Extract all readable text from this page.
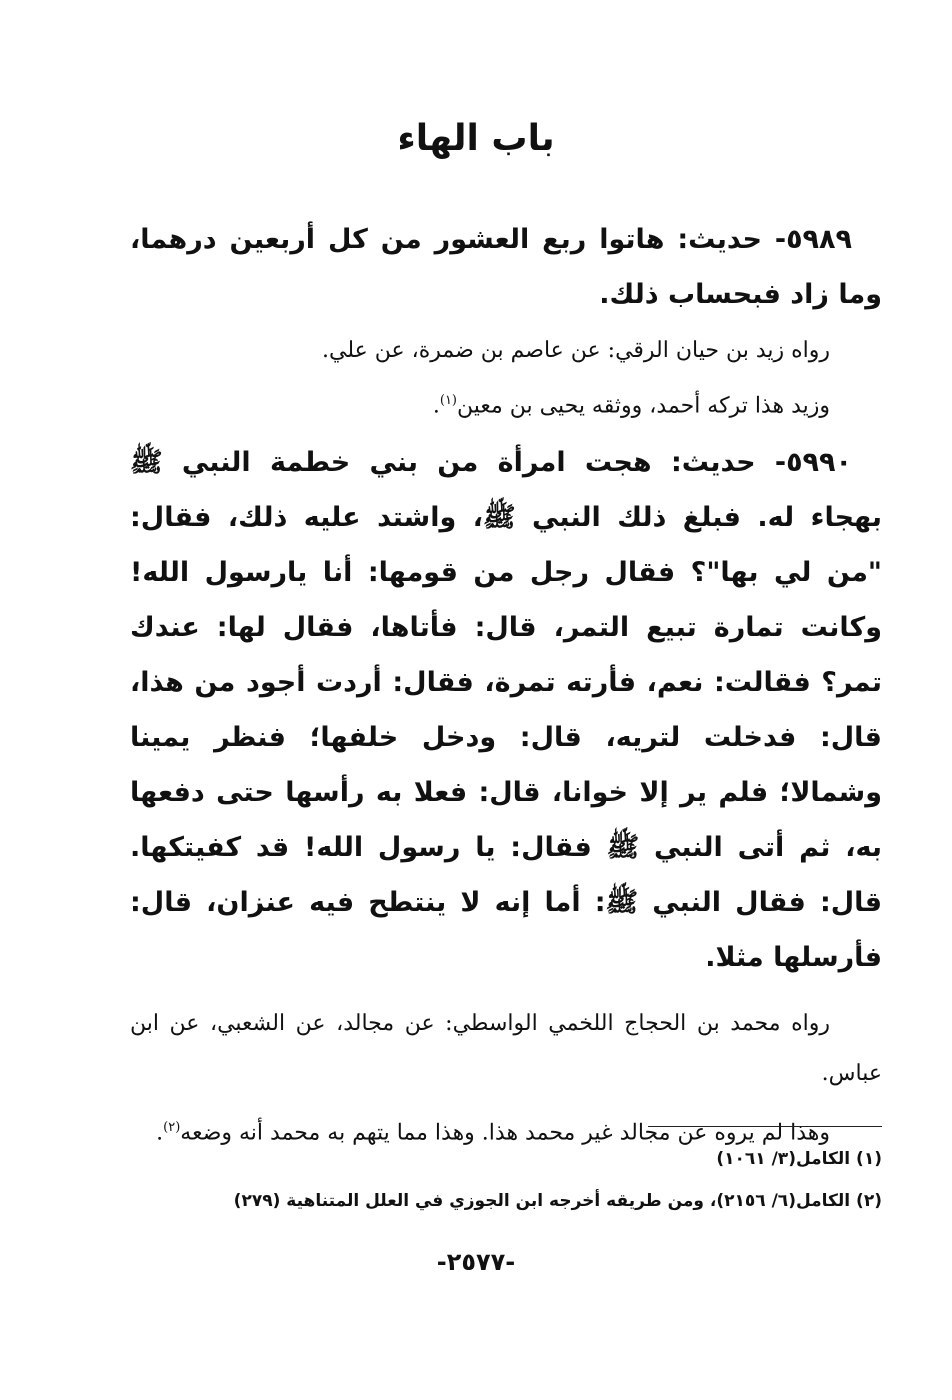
باب الهاء

٥٩٨٩- حديث: هاتوا ربع العشور من كل أربعين درهما، وما زاد فبحساب ذلك.

رواه زيد بن حيان الرقي: عن عاصم بن ضمرة، عن علي.

وزيد هذا تركه أحمد، ووثقه يحيى بن معين$^{(١)}$.

٥٩٩٠- حديث: هجت امرأة من بني خطمة النبي ﷺ بهجاء له. فبلغ ذلك النبي ﷺ، واشتد عليه ذلك، فقال: "من لي بها"؟ فقال رجل من قومها: أنا يارسول الله! وكانت تمارة تبيع التمر، قال: فأتاها، فقال لها: عندك تمر؟ فقالت: نعم، فأرته تمرة، فقال: أردت أجود من هذا، قال: فدخلت لتريه، قال: ودخل خلفها؛ فنظر يمينا وشمالا؛ فلم ير إلا خوانا، قال: فعلا به رأسها حتى دفعها به، ثم أتى النبي ﷺ فقال: يا رسول الله! قد كفيتكها. قال: فقال النبي ﷺ: أما إنه لا ينتطح فيه عنزان، قال: فأرسلها مثلا.

رواه محمد بن الحجاج اللخمي الواسطي: عن مجالد، عن الشعبي، عن ابن عباس.

وهذا لم يروه عن مجالد غير محمد هذا. وهذا مما يتهم به محمد أنه وضعه$^{(٢)}$.

(١) الكامل(٣/ ١٠٦١)

(٢) الكامل(٦/ ٢١٥٦)، ومن طريقه أخرجه ابن الجوزي في العلل المتناهية (٢٧٩)

-٢٥٧٧-
